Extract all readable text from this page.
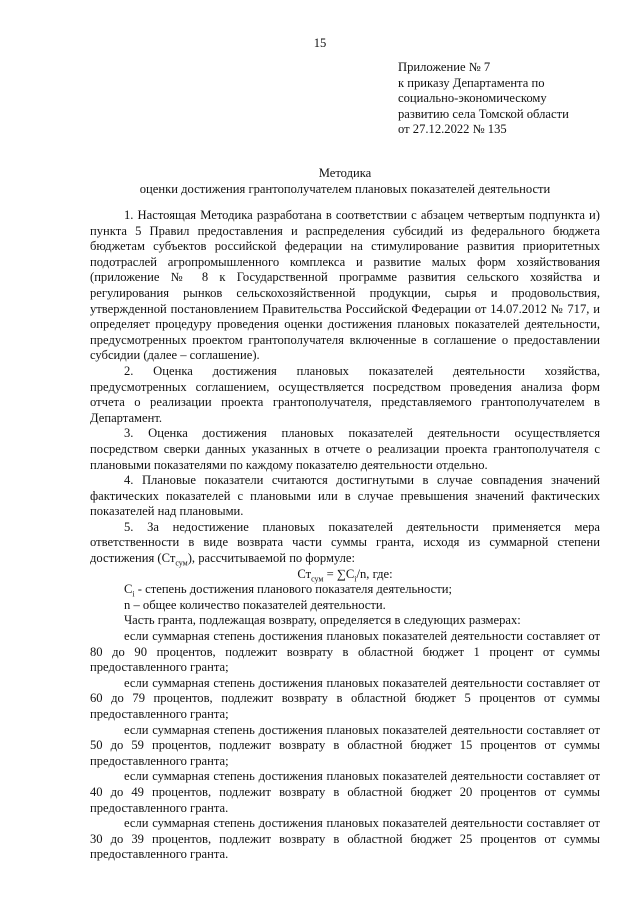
15
Приложение № 7
к приказу Департамента по
социально-экономическому
развитию села Томской области
от 27.12.2022 № 135
Методика
оценки достижения грантополучателем плановых показателей деятельности

1. Настоящая Методика разработана в соответствии с абзацем четвертым подпункта и) пункта 5 Правил предоставления и распределения субсидий из федерального бюджета бюджетам субъектов российской федерации на стимулирование развития приоритетных подотраслей агропромышленного комплекса и развитие малых форм хозяйствования (приложение № 8 к Государственной программе развития сельского хозяйства и регулирования рынков сельскохозяйственной продукции, сырья и продовольствия, утвержденной постановлением Правительства Российской Федерации от 14.07.2012 № 717, и определяет процедуру проведения оценки достижения плановых показателей деятельности, предусмотренных проектом грантополучателя включенные в соглашение о предоставлении субсидии (далее – соглашение).

2. Оценка достижения плановых показателей деятельности хозяйства, предусмотренных соглашением, осуществляется посредством проведения анализа форм отчета о реализации проекта грантополучателя, представляемого грантополучателем в Департамент.

3. Оценка достижения плановых показателей деятельности осуществляется посредством сверки данных указанных в отчете о реализации проекта грантополучателя с плановыми показателями по каждому показателю деятельности отдельно.

4. Плановые показатели считаются достигнутыми в случае совпадения значений фактических показателей с плановыми или в случае превышения значений фактических показателей над плановыми.

5. За недостижение плановых показателей деятельности применяется мера ответственности в виде возврата части суммы гранта, исходя из суммарной степени достижения $(Ст_{сум})$, рассчитываемой по формуле:

$Ст_{сум} = \sum C_i/n$, где:

$C_i$ - степень достижения планового показателя деятельности;

n – общее количество показателей деятельности.

Часть гранта, подлежащая возврату, определяется в следующих размерах:

если суммарная степень достижения плановых показателей деятельности составляет от 80 до 90 процентов, подлежит возврату в областной бюджет 1 процент от суммы предоставленного гранта;

если суммарная степень достижения плановых показателей деятельности составляет от 60 до 79 процентов, подлежит возврату в областной бюджет 5 процентов от суммы предоставленного гранта;

если суммарная степень достижения плановых показателей деятельности составляет от 50 до 59 процентов, подлежит возврату в областной бюджет 15 процентов от суммы предоставленного гранта;

если суммарная степень достижения плановых показателей деятельности составляет от 40 до 49 процентов, подлежит возврату в областной бюджет 20 процентов от суммы предоставленного гранта.

если суммарная степень достижения плановых показателей деятельности составляет от 30 до 39 процентов, подлежит возврату в областной бюджет 25 процентов от суммы предоставленного гранта.
